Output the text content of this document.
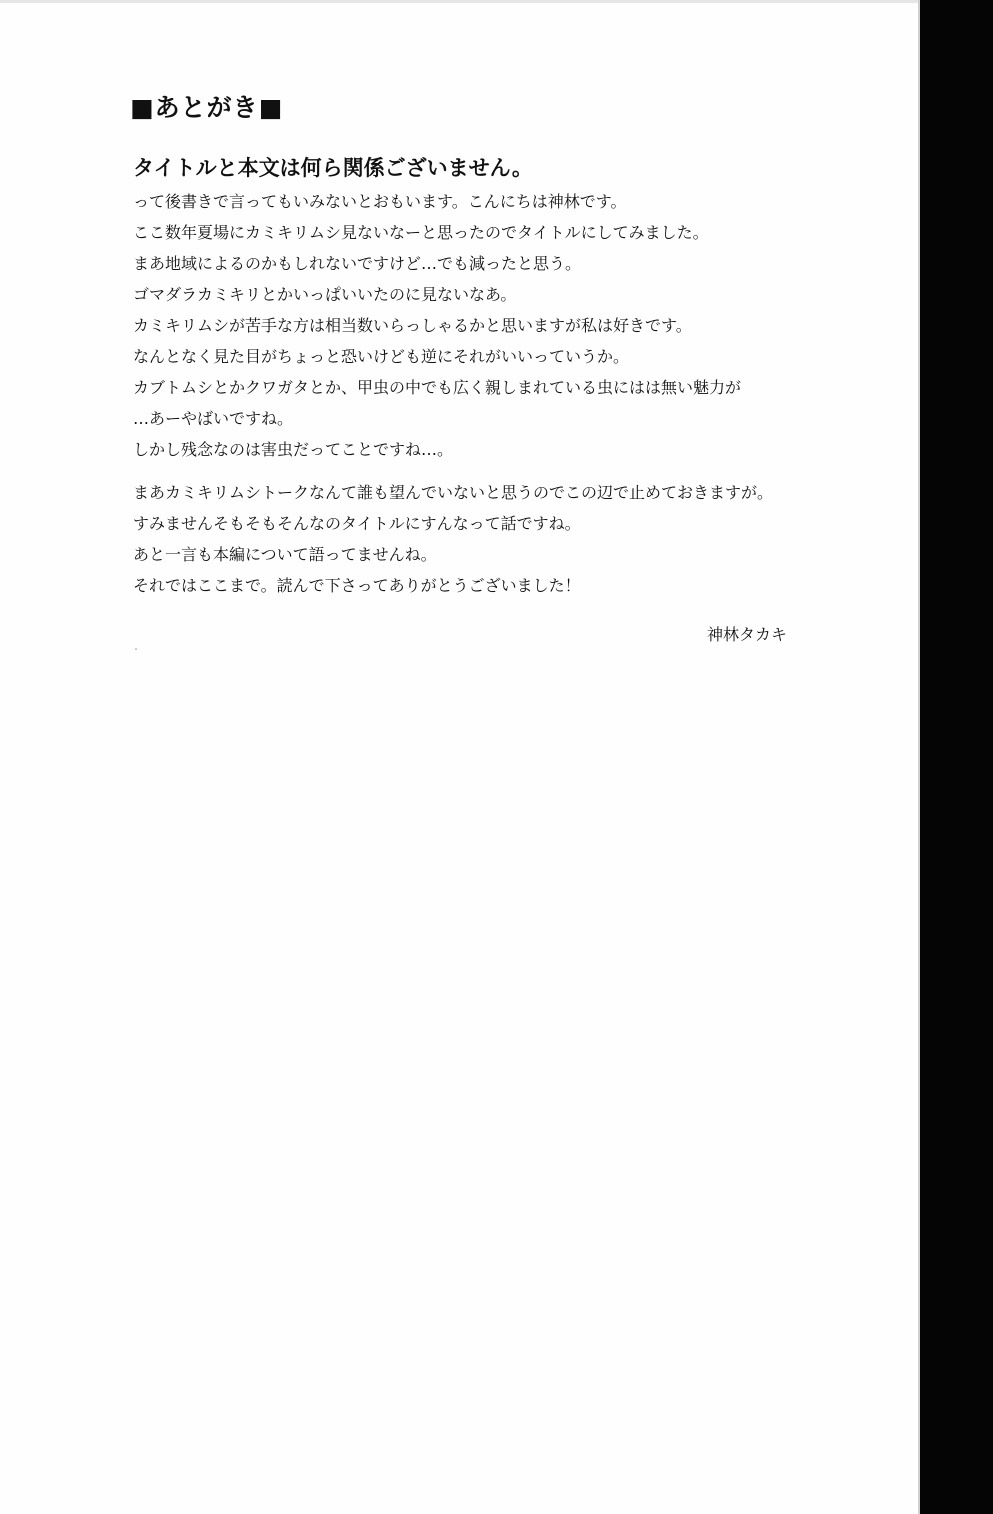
■あとがき■
タイトルと本文は何ら関係ございません。
って後書きで言ってもいみないとおもいます。こんにちは神林です。
ここ数年夏場にカミキリムシ見ないなーと思ったのでタイトルにしてみました。
まあ地域によるのかもしれないですけど…でも減ったと思う。
ゴマダラカミキリとかいっぱいいたのに見ないなあ。
カミキリムシが苦手な方は相当数いらっしゃるかと思いますが私は好きです。
なんとなく見た目がちょっと恐いけども逆にそれがいいっていうか。
カブトムシとかクワガタとか、甲虫の中でも広く親しまれている虫にはは無い魅力が
…あーやばいですね。
しかし残念なのは害虫だってことですね…。
まあカミキリムシトークなんて誰も望んでいないと思うのでこの辺で止めておきますが。
すみませんそもそもそんなのタイトルにすんなって話ですね。
あと一言も本編について語ってませんね。
それではここまで。読んで下さってありがとうございました！
神林タカキ
